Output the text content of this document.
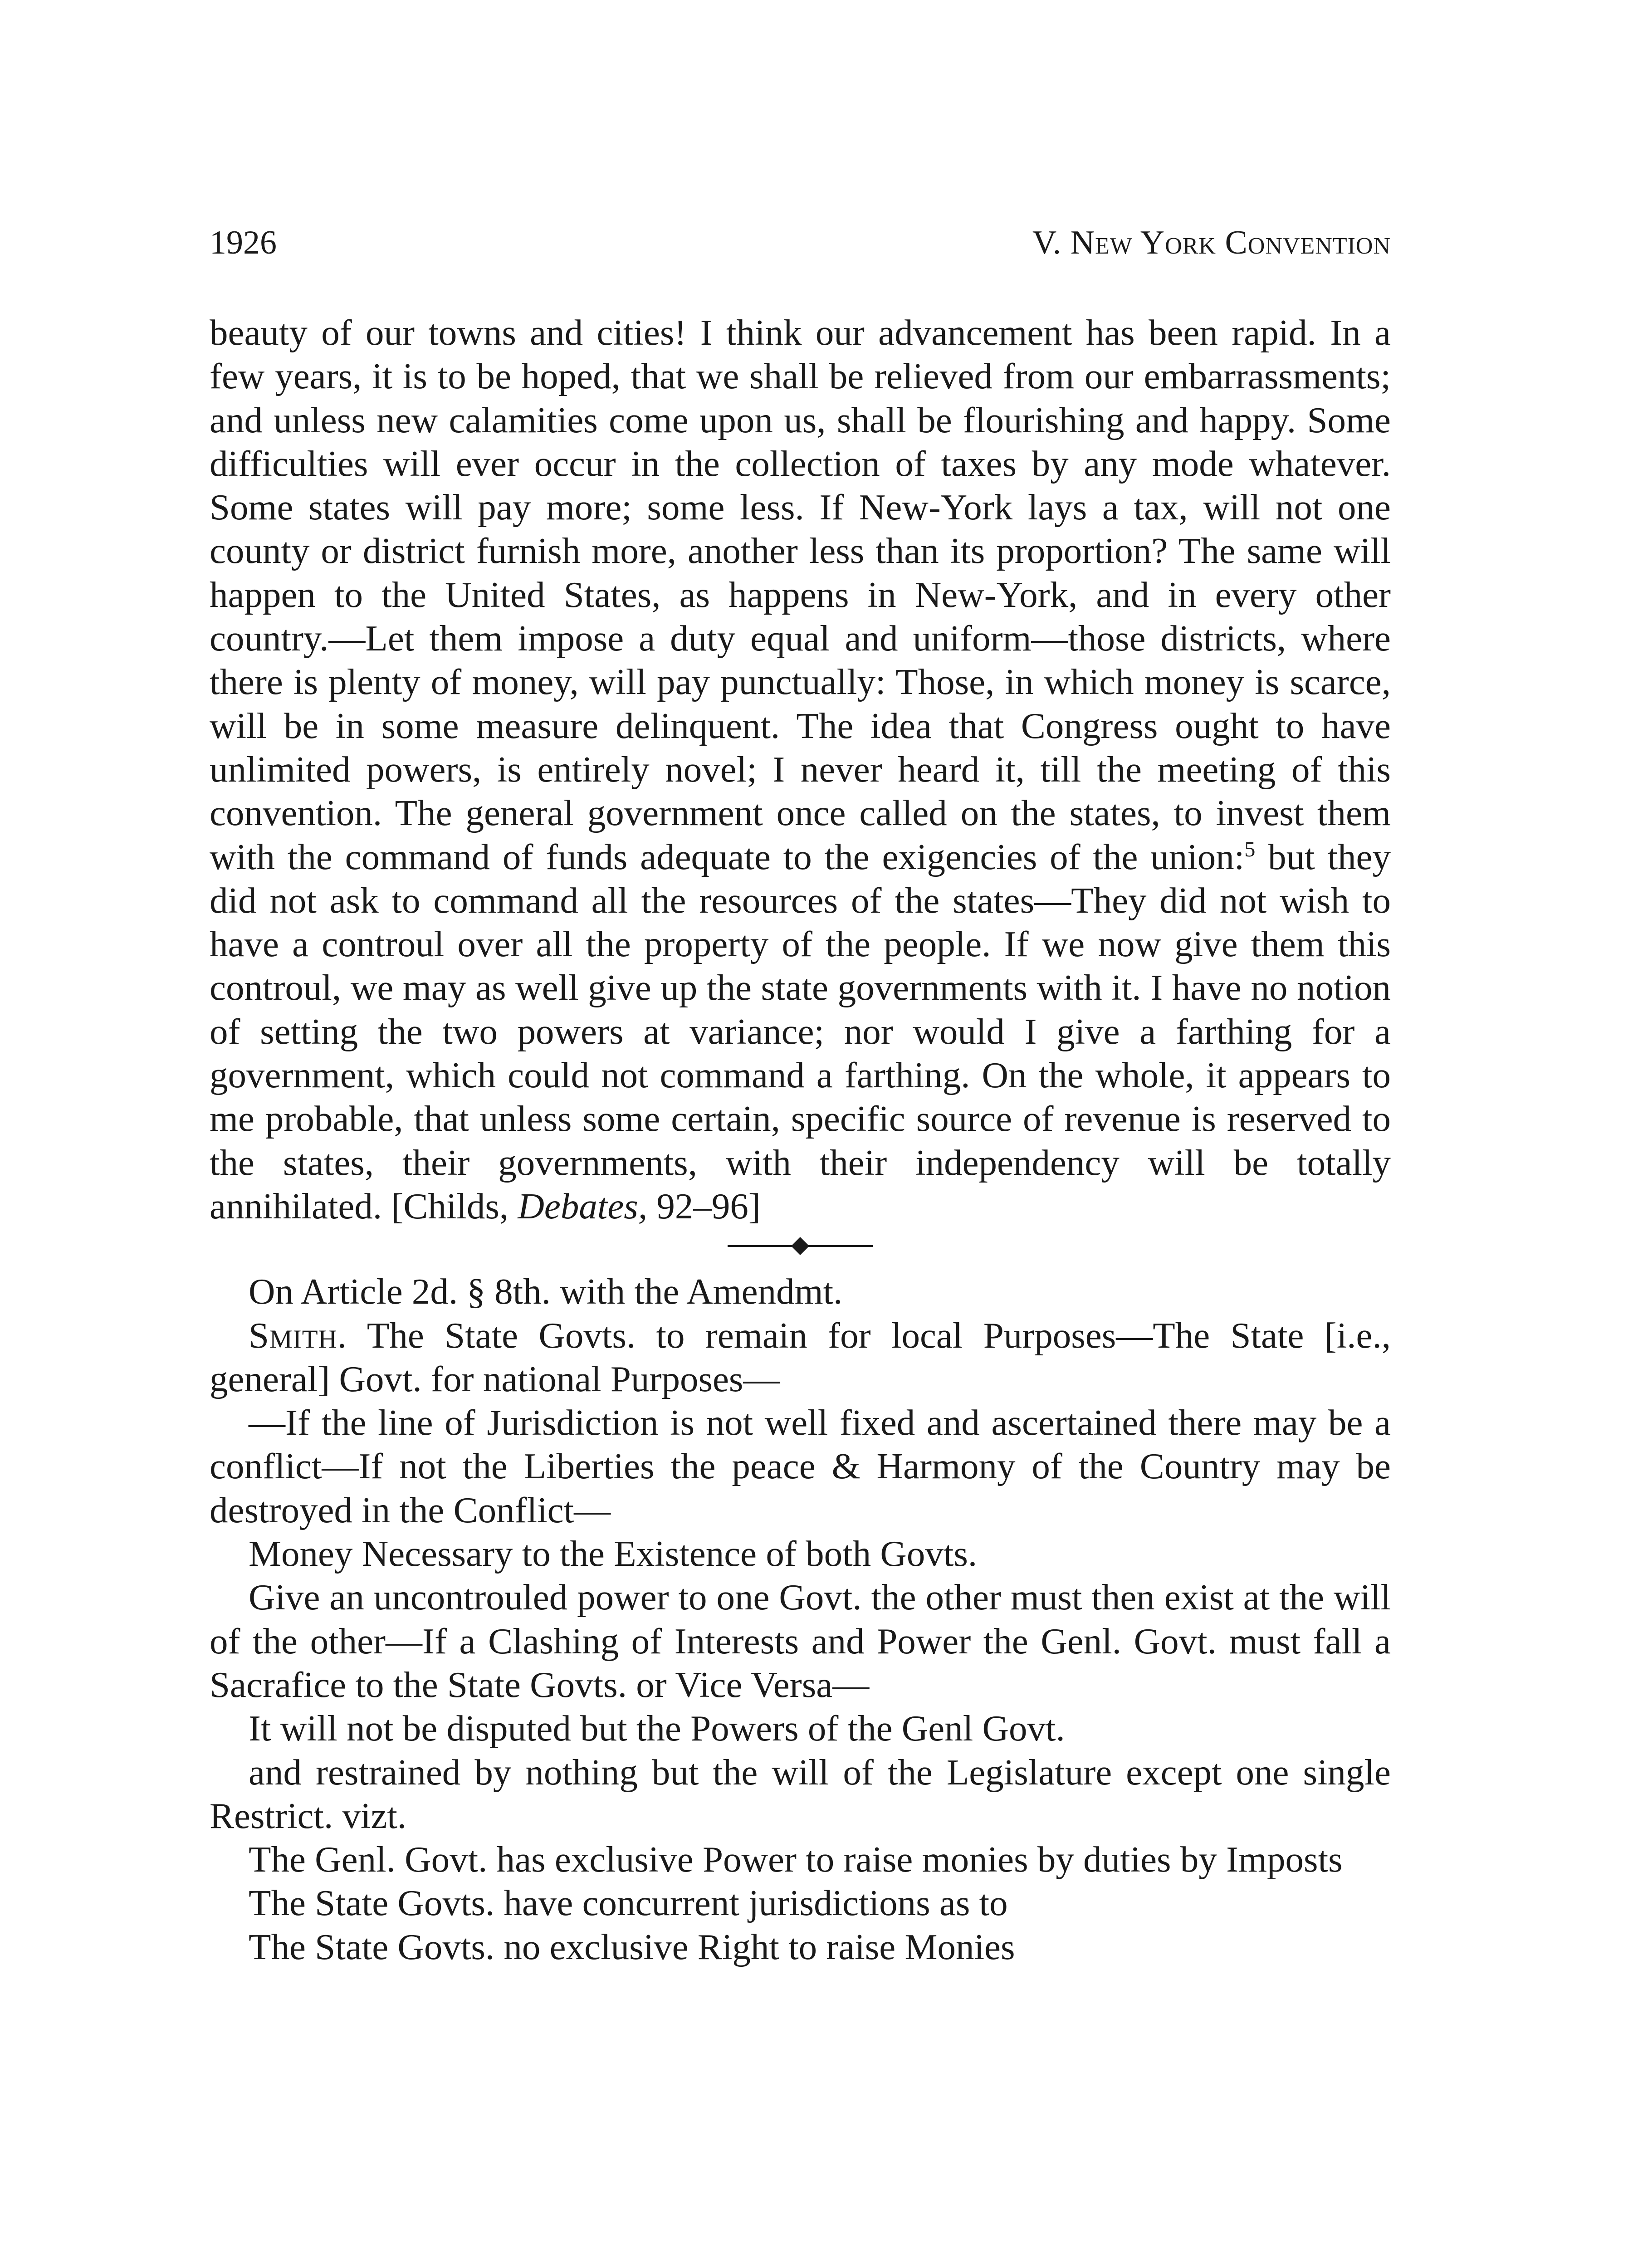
1926	V. New York Convention

beauty of our towns and cities! I think our advancement has been rapid. In a few years, it is to be hoped, that we shall be relieved from our embarrassments; and unless new calamities come upon us, shall be flourishing and happy. Some difficulties will ever occur in the collection of taxes by any mode whatever. Some states will pay more; some less. If New-York lays a tax, will not one county or district furnish more, another less than its proportion? The same will happen to the United States, as happens in New-York, and in every other country.—Let them impose a duty equal and uniform—those districts, where there is plenty of money, will pay punctually: Those, in which money is scarce, will be in some measure delinquent. The idea that Congress ought to have unlimited powers, is entirely novel; I never heard it, till the meeting of this convention. The general government once called on the states, to invest them with the command of funds adequate to the exigencies of the union:$^5$ but they did not ask to command all the resources of the states—They did not wish to have a controul over all the property of the people. If we now give them this controul, we may as well give up the state governments with it. I have no notion of setting the two powers at variance; nor would I give a farthing for a government, which could not command a farthing. On the whole, it appears to me probable, that unless some certain, specific source of revenue is reserved to the states, their governments, with their independency will be totally annihilated. [Childs, Debates, 92–96]

On Article 2d. § 8th. with the Amendmt.

Smith. The State Govts. to remain for local Purposes—The State [i.e., general] Govt. for national Purposes—

—If the line of Jurisdiction is not well fixed and ascertained there may be a conflict—If not the Liberties the peace & Harmony of the Country may be destroyed in the Conflict—

Money Necessary to the Existence of both Govts.

Give an uncontrouled power to one Govt. the other must then exist at the will of the other—If a Clashing of Interests and Power the Genl. Govt. must fall a Sacrafice to the State Govts. or Vice Versa—

It will not be disputed but the Powers of the Genl Govt.

and restrained by nothing but the will of the Legislature except one single Restrict. vizt.

The Genl. Govt. has exclusive Power to raise monies by duties by Imposts

The State Govts. have concurrent jurisdictions as to

The State Govts. no exclusive Right to raise Monies
